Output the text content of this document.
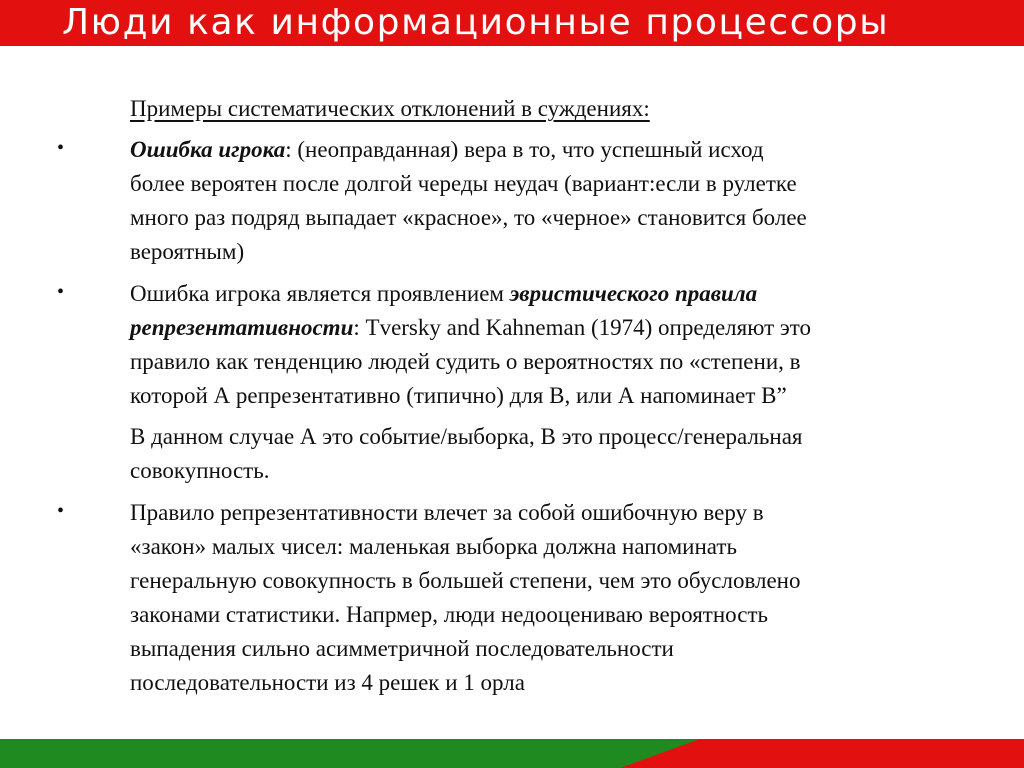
Люди как информационные процессоры
Примеры систематических отклонений в суждениях:
•	Ошибка игрока: (неоправданная) вера в то, что успешный исход
более вероятен после долгой череды неудач (вариант:если в рулетке
много раз подряд выпадает «красное», то «черное» становится более
вероятным)
•	Ошибка игрока является проявлением эвристического правила
репрезентативности: Tversky and Kahneman (1974) определяют это
правило как тенденцию людей судить о вероятностях по «степени, в
которой А репрезентативно (типично) для В, или А напоминает В”
В данном случае А это событие/выборка, В это процесс/генеральная
совокупность.
•	Правило репрезентативности влечет за собой ошибочную веру в
«закон» малых чисел: маленькая выборка должна напоминать
генеральную совокупность в большей степени, чем это обусловлено
законами статистики. Напрмер, люди недооцениваю вероятность
выпадения сильно асимметричной последовательности
последовательности из 4 решек и 1 орла
